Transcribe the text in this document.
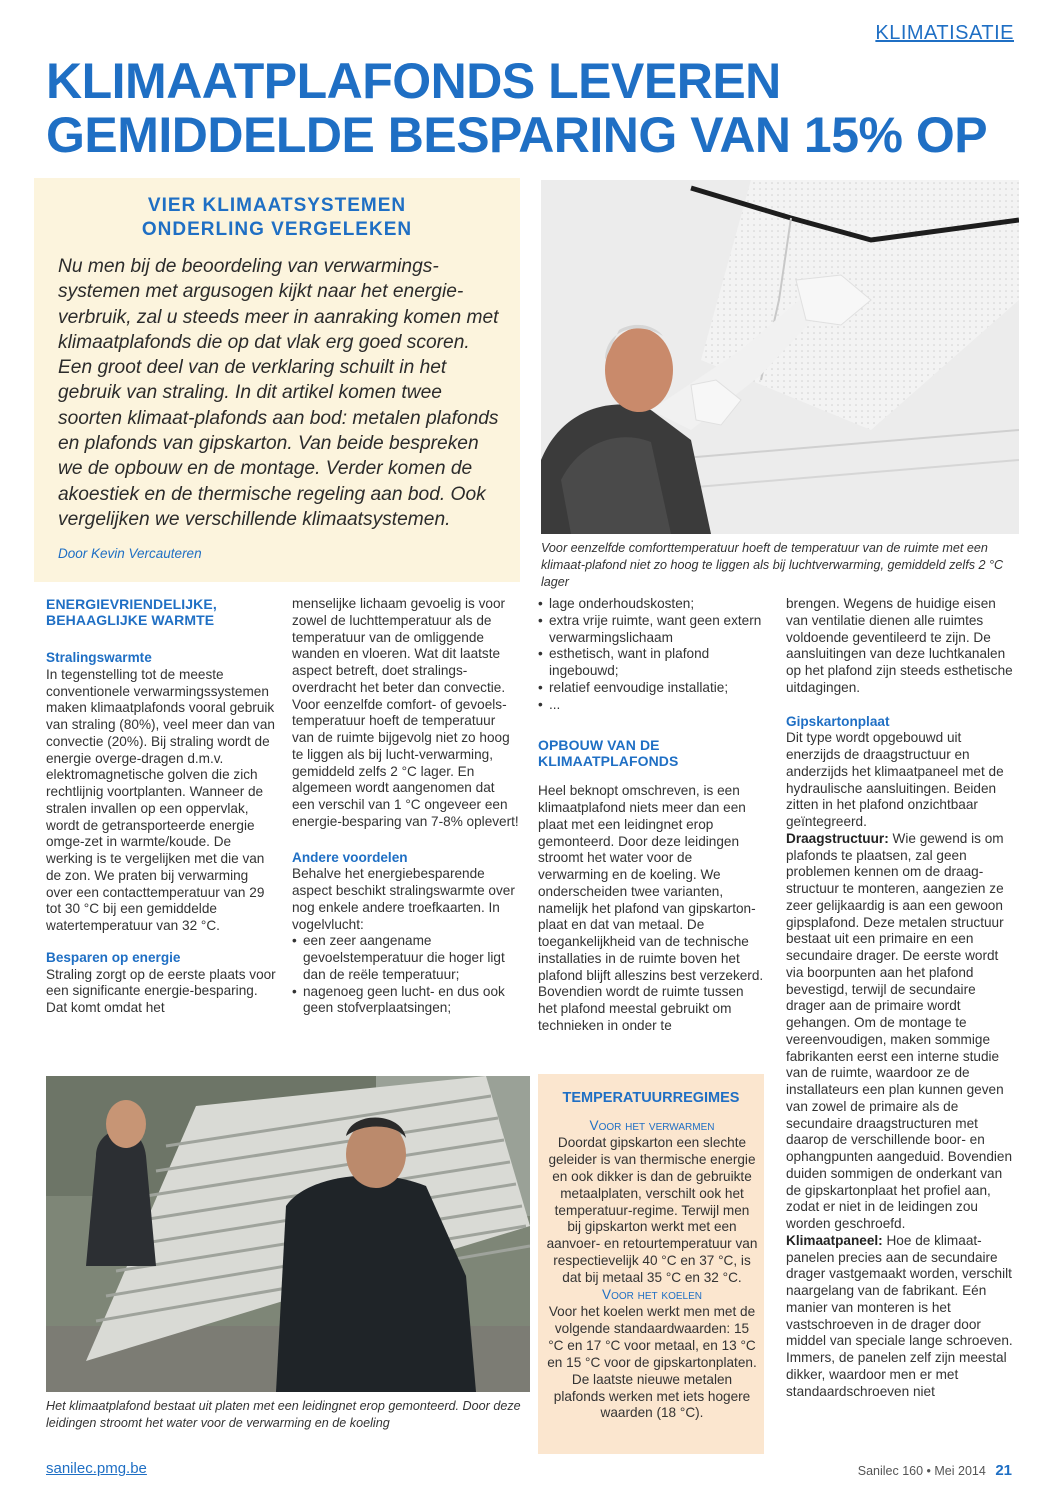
KLIMATISATIE
KLIMAATPLAFONDS LEVEREN
GEMIDDELDE BESPARING VAN 15% OP
VIER KLIMAATSYSTEMEN
ONDERLING VERGELEKEN

Nu men bij de beoordeling van verwarmings-systemen met argusogen kijkt naar het energie-verbruik, zal u steeds meer in aanraking komen met klimaatplafonds die op dat vlak erg goed scoren. Een groot deel van de verklaring schuilt in het gebruik van straling. In dit artikel komen twee soorten klimaat-plafonds aan bod: metalen plafonds en plafonds van gipskarton. Van beide bespreken we de opbouw en de montage. Verder komen de akoestiek en de thermische regeling aan bod. Ook vergelijken we verschillende klimaatsystemen.

Door Kevin Vercauteren	Voor eenzelfde comforttemperatuur hoeft de temperatuur van de ruimte met een klimaat-plafond niet zo hoog te liggen als bij luchtverwarming, gemiddeld zelfs 2 °C lager

ENERGIEVRIENDELIJKE, BEHAAGLIJKE WARMTE
Stralingswarmte

In tegenstelling tot de meeste conventionele verwarmingssystemen maken klimaatplafonds vooral gebruik van straling (80%), veel meer dan van convectie (20%). Bij straling wordt de energie overge-dragen d.m.v. elektromagnetische golven die zich rechtlijnig voortplanten. Wanneer de stralen invallen op een oppervlak, wordt de getransporteerde energie omge-zet in warmte/koude. De werking is te vergelijken met die van de zon. We praten bij verwarming over een contacttemperatuur van 29 tot 30 °C bij een gemiddelde watertemperatuur van 32 °C.

Besparen op energie

Straling zorgt op de eerste plaats voor een significante energie-besparing. Dat komt omdat het

menselijke lichaam gevoelig is voor zowel de luchttemperatuur als de temperatuur van de omliggende wanden en vloeren. Wat dit laatste aspect betreft, doet stralings-overdracht het beter dan convectie. Voor eenzelfde comfort- of gevoels-temperatuur hoeft de temperatuur van de ruimte bijgevolg niet zo hoog te liggen als bij lucht-verwarming, gemiddeld zelfs 2 °C lager. En algemeen wordt aangenomen dat een verschil van 1 °C ongeveer een energie-besparing van 7-8% oplevert!

Andere voordelen

Behalve het energiebesparende aspect beschikt stralingswarmte over nog enkele andere troefkaarten. In vogelvlucht:

• een zeer aangename gevoelstemperatuur die hoger ligt dan de reële temperatuur;
• nagenoeg geen lucht- en dus ook geen stofverplaatsingen;
• lage onderhoudskosten;
• extra vrije ruimte, want geen extern verwarmingslichaam
• esthetisch, want in plafond ingebouwd;
• relatief eenvoudige installatie;
• ...
OPBOUW VAN DE KLIMAATPLAFONDS

Heel beknopt omschreven, is een klimaatplafond niets meer dan een plaat met een leidingnet erop gemonteerd. Door deze leidingen stroomt het water voor de verwarming en de koeling. We onderscheiden twee varianten, namelijk het plafond van gipskarton-plaat en dat van metaal. De toegankelijkheid van de technische installaties in de ruimte boven het plafond blijft alleszins best verzekerd. Bovendien wordt de ruimte tussen het plafond meestal gebruikt om technieken in onder te

brengen. Wegens de huidige eisen van ventilatie dienen alle ruimtes voldoende geventileerd te zijn. De aansluitingen van deze luchtkanalen op het plafond zijn steeds esthetische uitdagingen.

Gipskartonplaat

Dit type wordt opgebouwd uit enerzijds de draagstructuur en anderzijds het klimaatpaneel met de hydraulische aansluitingen. Beiden zitten in het plafond onzichtbaar geïntegreerd.

Draagstructuur: Wie gewend is om plafonds te plaatsen, zal geen problemen kennen om de draag-structuur te monteren, aangezien ze zeer gelijkaardig is aan een gewoon gipsplafond. Deze metalen structuur bestaat uit een primaire en een secundaire drager. De eerste wordt via boorpunten aan het plafond bevestigd, terwijl de secundaire drager aan de primaire wordt gehangen. Om de montage te vereenvoudigen, maken sommige fabrikanten eerst een interne studie van de ruimte, waardoor ze de installateurs een plan kunnen geven van zowel de primaire als de secundaire draagstructuren met daarop de verschillende boor- en ophangpunten aangeduid. Bovendien duiden sommigen de onderkant van de gipskartonplaat het profiel aan, zodat er niet in de leidingen zou worden geschroefd.

Klimaatpaneel: Hoe de klimaat-panelen precies aan de secundaire drager vastgemaakt worden, verschilt naargelang van de fabrikant. Eén manier van monteren is het vastschroeven in de drager door middel van speciale lange schroeven. Immers, de panelen zelf zijn meestal dikker, waardoor men er met standaardschroeven niet

Het klimaatplafond bestaat uit platen met een leidingnet erop gemonteerd. Door deze leidingen stroomt het water voor de verwarming en de koeling

TEMPERATUURREGIMES

Voor het verwarmen

Doordat gipskarton een slechte geleider is van thermische energie en ook dikker is dan de gebruikte metaalplaten, verschilt ook het temperatuur-regime. Terwijl men bij gipskarton werkt met een aanvoer- en retourtemperatuur van respectievelijk 40 °C en 37 °C, is dat bij metaal 35 °C en 32 °C.

Voor het koelen

Voor het koelen werkt men met de volgende standaardwaarden: 15 °C en 17 °C voor metaal, en 13 °C en 15 °C voor de gipskartonplaten. De laatste nieuwe metalen plafonds werken met iets hogere waarden (18 °C).

sanilec.pmg.be	Sanilec 160 • Mei 2014 21
